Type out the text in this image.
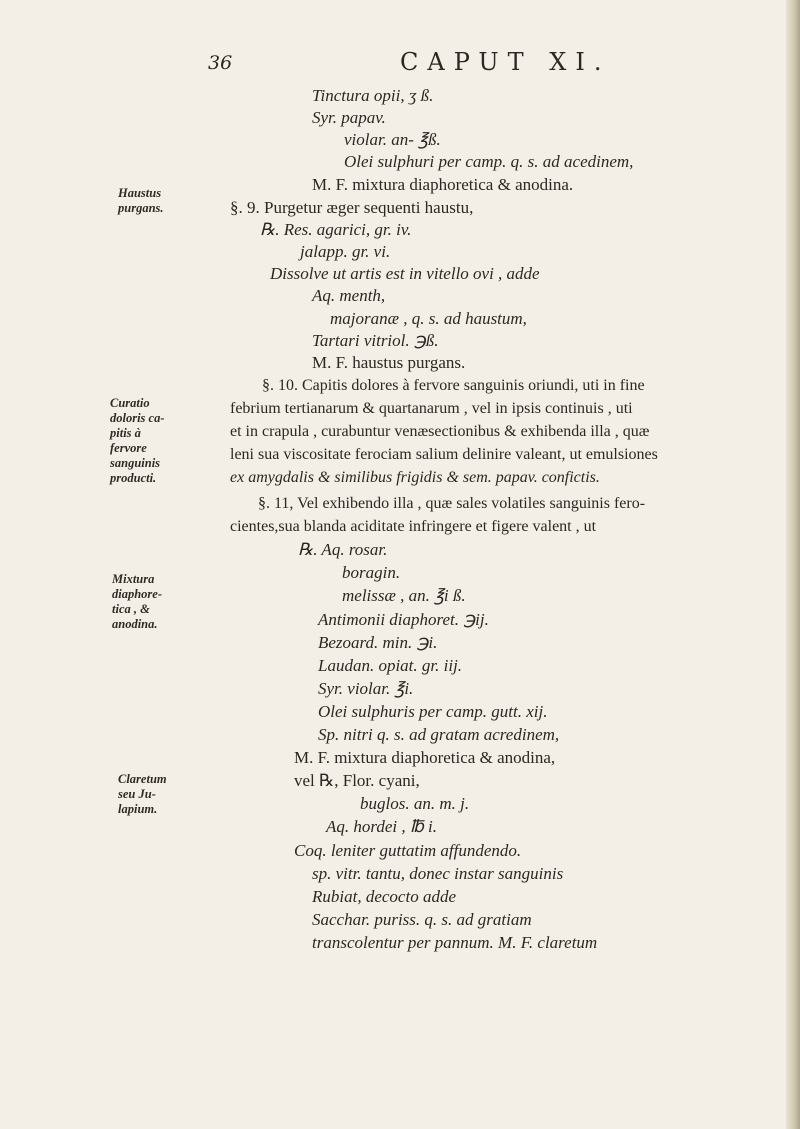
36	CAPUT XI.
Haustus
purgans.
Curatio
doloris ca-
pitis à
fervore
sanguinis
producti.
Mixtura
diaphore-
tica , &
anodina.
Claretum
seu Ju-
lapium.
Tinctura opii, ʒ ß.
Syr. papav.
violar. an- ℥ß.
Olei sulphuri per camp. q. s. ad acedinem,
M. F. mixtura diaphoretica & anodina.
§. 9. Purgetur æger sequenti haustu,
℞. Res. agarici, gr. iv.
jalapp. gr. vi.
Dissolve ut artis est in vitello ovi , adde
Aq. menth,
majoranæ , q. s. ad haustum,
Tartari vitriol. ℈ß.
M. F. haustus purgans.
§. 10. Capitis dolores à fervore sanguinis oriundi, uti in fine
febrium tertianarum & quartanarum , vel in ipsis continuis , uti
et in crapula , curabuntur venæsectionibus & exhibenda illa , quæ
leni sua viscositate ferociam salium delinire valeant, ut emulsiones
ex amygdalis & similibus frigidis & sem. papav. confictis.
§. 11, Vel exhibendo illa , quæ sales volatiles sanguinis fero-
cientes,sua blanda aciditate infringere et figere valent , ut
℞. Aq. rosar.
boragin.
melissæ , an. ℥i ß.
Antimonii diaphoret. ℈ij.
Bezoard. min. ℈i.
Laudan. opiat. gr. iij.
Syr. violar. ℥i.
Olei sulphuris per camp. gutt. xij.
Sp. nitri q. s. ad gratam acredinem,
M. F. mixtura diaphoretica & anodina,
vel ℞, Flor. cyani,
buglos. an. m. j.
Aq. hordei , ℔ i.
Coq. leniter guttatim affundendo.
sp. vitr. tantu, donec instar sanguinis
Rubiat, decocto adde
Sacchar. puriss. q. s. ad gratiam
transcolentur per pannum. M. F. claretum
